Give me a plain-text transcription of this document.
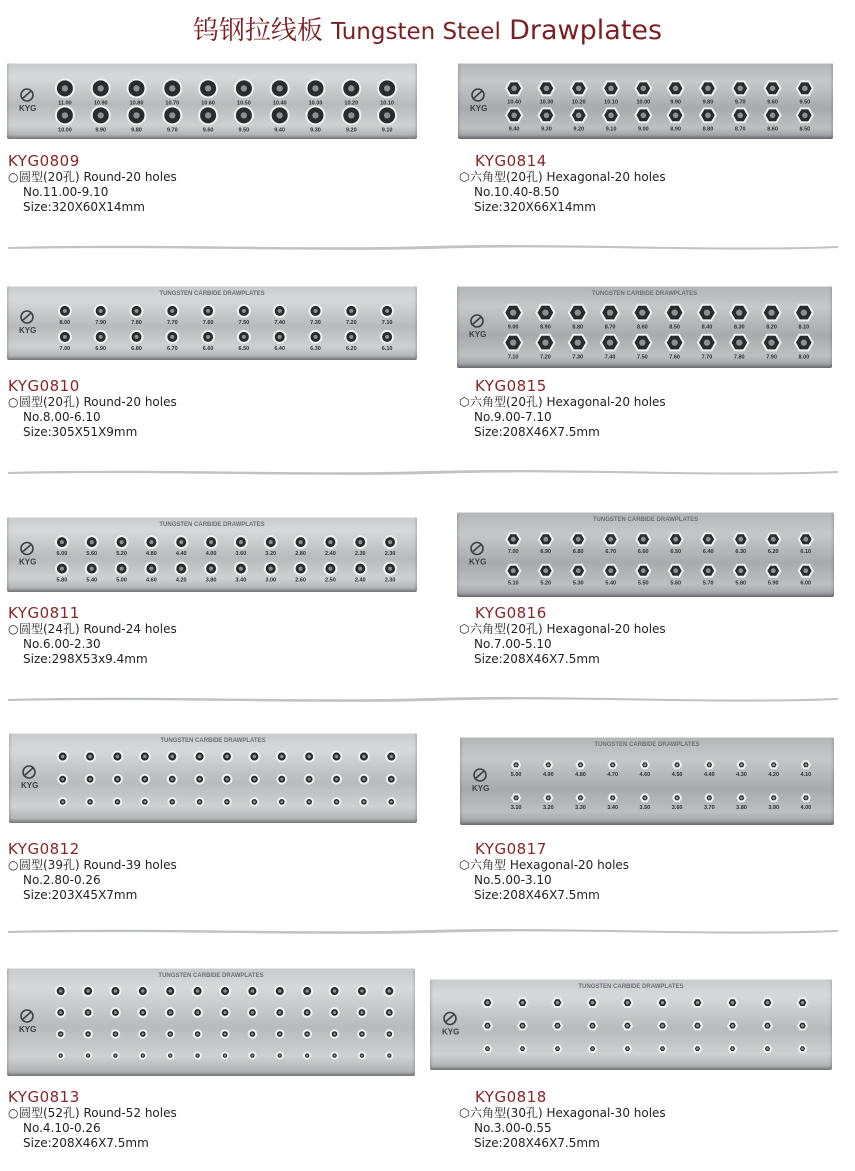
钨钢拉线板 Tungsten Steel Drawplates
KYG
11.00	10.90	10.80	10.70	10.60	10.50	10.40	10.30	10.20	10.10
10.00	9.90	9.80	9.70	9.60	9.50	9.40	9.30	9.20	9.10
KYG
10.40	10.30	10.20	10.10	10.00	9.90	9.80	9.70	9.60	9.50
9.40	9.30	9.20	9.10	9.00	8.90	8.80	8.70	8.60	8.50
KYG
TUNGSTEN CARBIDE DRAWPLATES
8.00	7.90	7.80	7.70	7.60	7.50	7.40	7.30	7.20	7.10
7.00	6.90	6.80	6.70	6.60	6.50	6.40	6.30	6.20	6.10
KYG
TUNGSTEN CARBIDE DRAWPLATES
9.00	8.90	8.80	8.70	8.60	8.50	8.40	8.30	8.20	8.10
7.10	7.20	7.30	7.40	7.50	7.60	7.70	7.80	7.90	8.00
KYG
TUNGSTEN CARBIDE DRAWPLATES
6.00	5.60	5.20	4.80	4.40	4.00	3.60	3.20	2.80	2.40	2.30	2.30
5.80	5.40	5.00	4.60	4.20	3.80	3.40	3.00	2.60	2.50	2.40	2.30
KYG
TUNGSTEN CARBIDE DRAWPLATES
7.00	6.90	6.80	6.70	6.60	6.50	6.40	6.30	6.20	6.10
5.10	5.20	5.30	5.40	5.50	5.60	5.70	5.80	5.90	6.00
KYG
TUNGSTEN CARBIDE DRAWPLATES
KYG
TUNGSTEN CARBIDE DRAWPLATES
5.00	4.90	4.80	4.70	4.60	4.50	4.40	4.30	4.20	4.10
3.10	3.20	3.30	3.40	3.50	3.60	3.70	3.80	3.90	4.00
KYG
TUNGSTEN CARBIDE DRAWPLATES
KYG
TUNGSTEN CARBIDE DRAWPLATES
KYG0809
○圆型(20孔) Round-20 holes
No.11.00-9.10
Size:320X60X14mm
KYG0814
⬡六角型(20孔) Hexagonal-20 holes
No.10.40-8.50
Size:320X66X14mm
KYG0810
○圆型(20孔) Round-20 holes
No.8.00-6.10
Size:305X51X9mm
KYG0815
⬡六角型(20孔) Hexagonal-20 holes
No.9.00-7.10
Size:208X46X7.5mm
KYG0811
○圆型(24孔) Round-24 holes
No.6.00-2.30
Size:298X53x9.4mm
KYG0816
⬡六角型(20孔) Hexagonal-20 holes
No.7.00-5.10
Size:208X46X7.5mm
KYG0812
○圆型(39孔) Round-39 holes
No.2.80-0.26
Size:203X45X7mm
KYG0817
⬡六角型 Hexagonal-20 holes
No.5.00-3.10
Size:208X46X7.5mm
KYG0813
○圆型(52孔) Round-52 holes
No.4.10-0.26
Size:208X46X7.5mm
KYG0818
⬡六角型(30孔) Hexagonal-30 holes
No.3.00-0.55
Size:208X46X7.5mm
